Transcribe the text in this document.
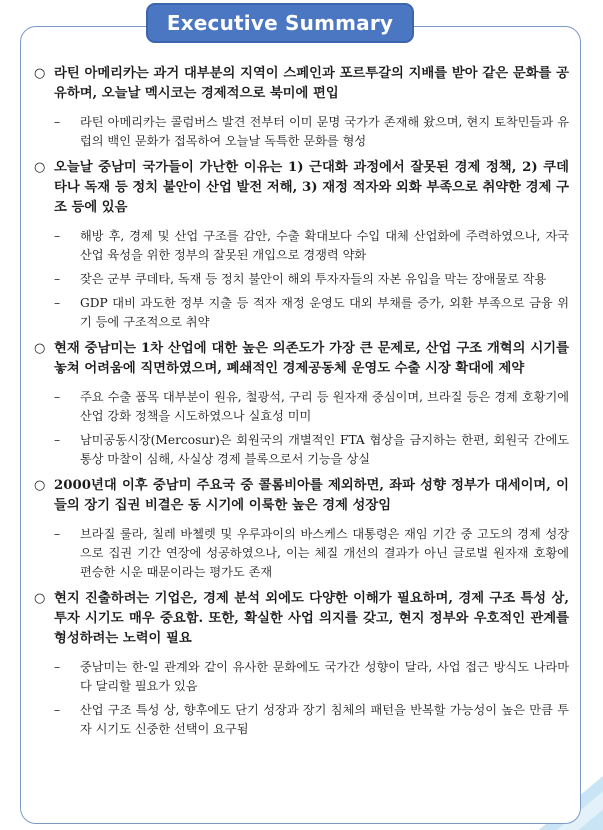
Executive Summary
○ 라틴 아메리카는 과거 대부분의 지역이 스페인과 포르투갈의 지배를 받아 같은 문화를 공유하며, 오늘날 멕시코는 경제적으로 북미에 편입
–	라틴 아메리카는 콜럼버스 발견 전부터 이미 문명 국가가 존재해 왔으며, 현지 토착민들과 유럽의 백인 문화가 접목하여 오늘날 독특한 문화를 형성
○ 오늘날 중남미 국가들이 가난한 이유는 1) 근대화 과정에서 잘못된 경제 정책, 2) 쿠데타나 독재 등 정치 불안이 산업 발전 저해, 3) 재정 적자와 외화 부족으로 취약한 경제 구조 등에 있음
–	해방 후, 경제 및 산업 구조를 감안, 수출 확대보다 수입 대체 산업화에 주력하였으나, 자국 산업 육성을 위한 정부의 잘못된 개입으로 경쟁력 약화
–	잦은 군부 쿠데타, 독재 등 정치 불안이 해외 투자자들의 자본 유입을 막는 장애물로 작용
–	GDP 대비 과도한 정부 지출 등 적자 재정 운영도 대외 부채를 증가, 외환 부족으로 금융 위기 등에 구조적으로 취약
○ 현재 중남미는 1차 산업에 대한 높은 의존도가 가장 큰 문제로, 산업 구조 개혁의 시기를 놓쳐 어려움에 직면하였으며, 폐쇄적인 경제공동체 운영도 수출 시장 확대에 제약
–	주요 수출 품목 대부분이 원유, 철광석, 구리 등 원자재 중심이며, 브라질 등은 경제 호황기에 산업 강화 정책을 시도하였으나 실효성 미미
–	남미공동시장(Mercosur)은 회원국의 개별적인 FTA 협상을 금지하는 한편, 회원국 간에도 통상 마찰이 심해, 사실상 경제 블록으로서 기능을 상실
○ 2000년대 이후 중남미 주요국 중 콜롬비아를 제외하면, 좌파 성향 정부가 대세이며, 이들의 장기 집권 비결은 동 시기에 이룩한 높은 경제 성장임
–	브라질 룰라, 칠레 바첼렛 및 우루과이의 바스케스 대통령은 재임 기간 중 고도의 경제 성장으로 집권 기간 연장에 성공하였으나, 이는 체질 개선의 결과가 아닌 글로벌 원자재 호황에 편승한 시운 때문이라는 평가도 존재
○ 현지 진출하려는 기업은, 경제 분석 외에도 다양한 이해가 필요하며, 경제 구조 특성 상, 투자 시기도 매우 중요함. 또한, 확실한 사업 의지를 갖고, 현지 정부와 우호적인 관계를 형성하려는 노력이 필요
–	중남미는 한-일 관계와 같이 유사한 문화에도 국가간 성향이 달라, 사업 접근 방식도 나라마다 달리할 필요가 있음
–	산업 구조 특성 상, 향후에도 단기 성장과 장기 침체의 패턴을 반복할 가능성이 높은 만큼 투자 시기도 신중한 선택이 요구됨
